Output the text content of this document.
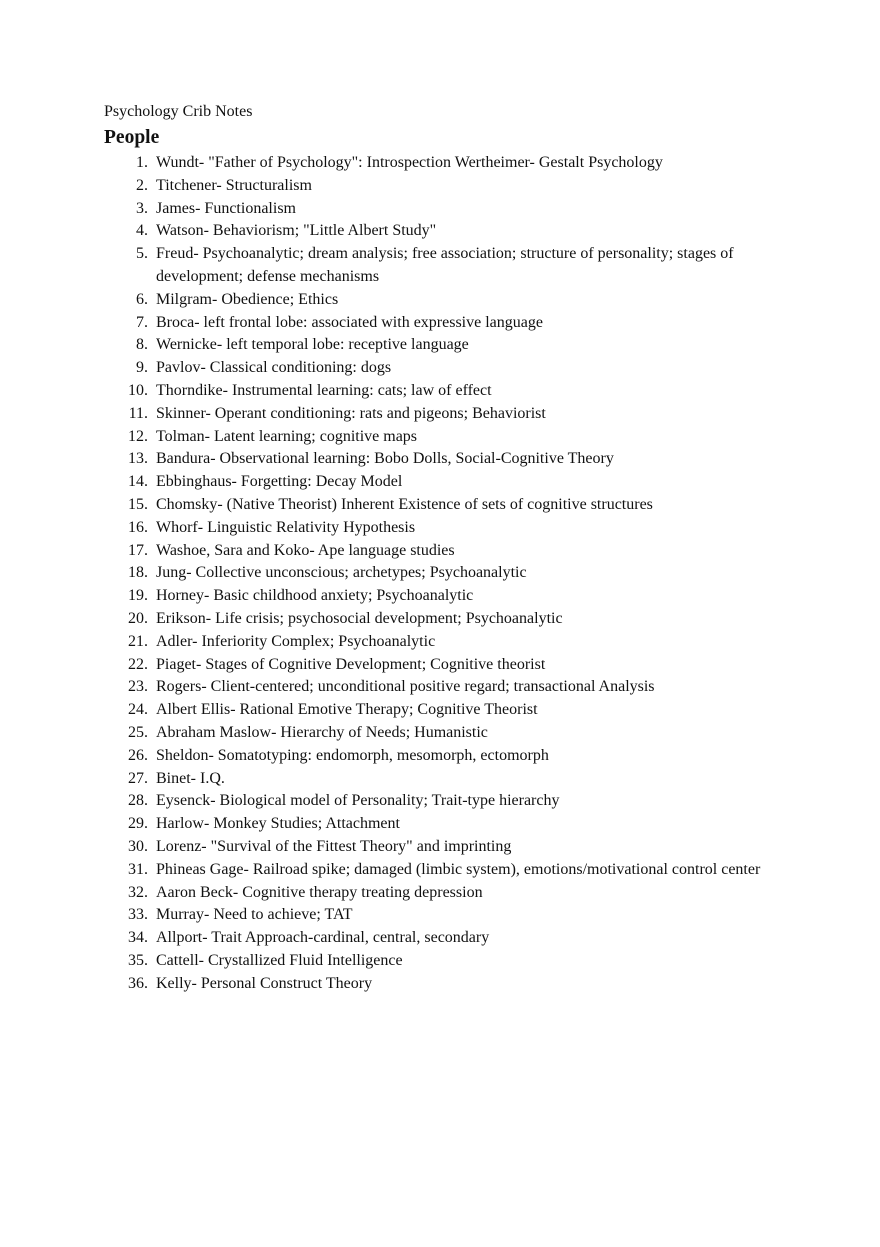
Psychology Crib Notes
People
1. Wundt- "Father of Psychology": Introspection Wertheimer- Gestalt Psychology
2. Titchener- Structuralism
3. James- Functionalism
4. Watson- Behaviorism; "Little Albert Study"
5. Freud- Psychoanalytic; dream analysis; free association; structure of personality; stages of development; defense mechanisms
6. Milgram- Obedience; Ethics
7. Broca- left frontal lobe: associated with expressive language
8. Wernicke- left temporal lobe: receptive language
9. Pavlov- Classical conditioning: dogs
10. Thorndike- Instrumental learning: cats; law of effect
11. Skinner- Operant conditioning: rats and pigeons; Behaviorist
12. Tolman- Latent learning; cognitive maps
13. Bandura- Observational learning: Bobo Dolls, Social-Cognitive Theory
14. Ebbinghaus- Forgetting: Decay Model
15. Chomsky- (Native Theorist) Inherent Existence of sets of cognitive structures
16. Whorf- Linguistic Relativity Hypothesis
17. Washoe, Sara and Koko- Ape language studies
18. Jung- Collective unconscious; archetypes; Psychoanalytic
19. Horney- Basic childhood anxiety; Psychoanalytic
20. Erikson- Life crisis; psychosocial development; Psychoanalytic
21. Adler- Inferiority Complex; Psychoanalytic
22. Piaget- Stages of Cognitive Development; Cognitive theorist
23. Rogers- Client-centered; unconditional positive regard; transactional Analysis
24. Albert Ellis- Rational Emotive Therapy; Cognitive Theorist
25. Abraham Maslow- Hierarchy of Needs; Humanistic
26. Sheldon- Somatotyping: endomorph, mesomorph, ectomorph
27. Binet- I.Q.
28. Eysenck- Biological model of Personality; Trait-type hierarchy
29. Harlow- Monkey Studies; Attachment
30. Lorenz- "Survival of the Fittest Theory" and imprinting
31. Phineas Gage- Railroad spike; damaged (limbic system), emotions/motivational control center
32. Aaron Beck- Cognitive therapy treating depression
33. Murray- Need to achieve; TAT
34. Allport- Trait Approach-cardinal, central, secondary
35. Cattell- Crystallized Fluid Intelligence
36. Kelly- Personal Construct Theory
